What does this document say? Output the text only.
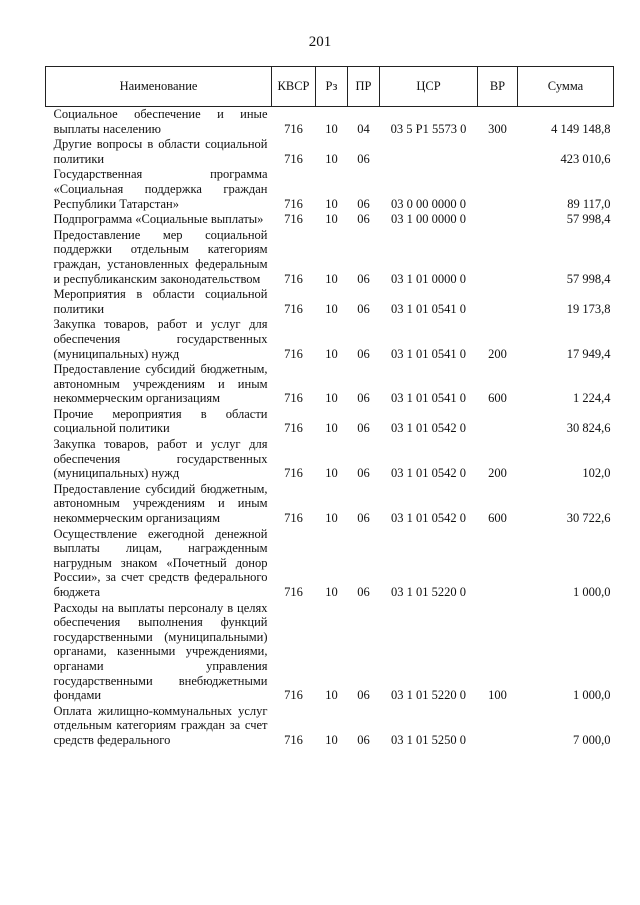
201
Наименование	КВСР	Рз	ПР	ЦСР	ВР	Сумма
Социальное обеспечение и иные выплаты населению	716	10	04	03 5 Р1 5573 0	300	4 149 148,8
Другие вопросы в области социальной политики	716	10	06			423 010,6
Государственная программа «Социальная поддержка граждан Республики Татарстан»	716	10	06	03 0 00 0000 0		89 117,0
Подпрограмма «Социальные выплаты»	716	10	06	03 1 00 0000 0		57 998,4
Предоставление мер социальной поддержки отдельным категориям граждан, установленных федеральным и республиканским законодательством	716	10	06	03 1 01 0000 0		57 998,4
Мероприятия в области социальной политики	716	10	06	03 1 01 0541 0		19 173,8
Закупка товаров, работ и услуг для обеспечения государственных (муниципальных) нужд	716	10	06	03 1 01 0541 0	200	17 949,4
Предоставление субсидий бюджетным, автономным учреждениям и иным некоммерческим организациям	716	10	06	03 1 01 0541 0	600	1 224,4
Прочие мероприятия в области социальной политики	716	10	06	03 1 01 0542 0		30 824,6
Закупка товаров, работ и услуг для обеспечения государственных (муниципальных) нужд	716	10	06	03 1 01 0542 0	200	102,0
Предоставление субсидий бюджетным, автономным учреждениям и иным некоммерческим организациям	716	10	06	03 1 01 0542 0	600	30 722,6
Осуществление ежегодной денежной выплаты лицам, награжденным нагрудным знаком «Почетный донор России», за счет средств федерального бюджета	716	10	06	03 1 01 5220 0		1 000,0
Расходы на выплаты персоналу в целях обеспечения выполнения функций государственными (муниципальными) органами, казенными учреждениями, органами управления государственными внебюджетными фондами	716	10	06	03 1 01 5220 0	100	1 000,0
Оплата жилищно-коммунальных услуг отдельным категориям граждан за счет средств федерального	716	10	06	03 1 01 5250 0		7 000,0
